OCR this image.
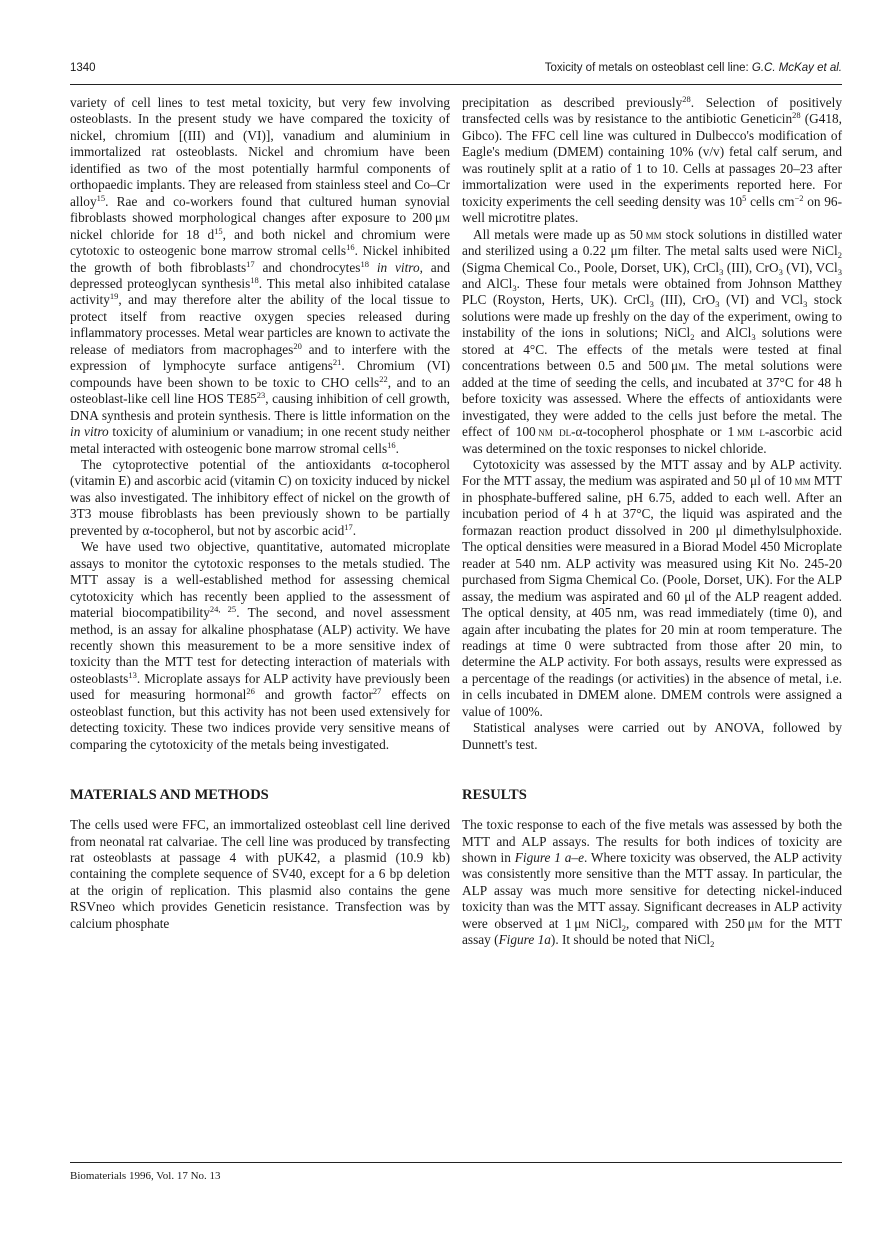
1340	Toxicity of metals on osteoblast cell line: G.C. McKay et al.

variety of cell lines to test metal toxicity, but very few involving osteoblasts. In the present study we have compared the toxicity of nickel, chromium [(III) and (VI)], vanadium and aluminium in immortalized rat osteoblasts. Nickel and chromium have been identified as two of the most potentially harmful components of orthopaedic implants. They are released from stainless steel and Co–Cr alloy$^{15}$. Rae and co-workers found that cultured human synovial fibroblasts showed morphological changes after exposure to 200 μm nickel chloride for 18 $d^{15}$, and both nickel and chromium were cytotoxic to osteogenic bone marrow stromal cells$^{16}$. Nickel inhibited the growth of both fibroblasts$^{17}$ and chondrocytes$^{18}$ in vitro, and depressed proteoglycan synthesis$^{18}$. This metal also inhibited catalase activity$^{19}$, and may therefore alter the ability of the local tissue to protect itself from reactive oxygen species released during inflammatory processes. Metal wear particles are known to activate the release of mediators from macrophages$^{20}$ and to interfere with the expression of lymphocyte surface antigens$^{21}$. Chromium (VI) compounds have been shown to be toxic to CHO cells$^{22}$, and to an osteoblast-like cell line HOS $TE85^{23}$, causing inhibition of cell growth, DNA synthesis and protein synthesis. There is little information on the in vitro toxicity of aluminium or vanadium; in one recent study neither metal interacted with osteogenic bone marrow stromal cells$^{16}$.

The cytoprotective potential of the antioxidants α-tocopherol (vitamin E) and ascorbic acid (vitamin C) on toxicity induced by nickel was also investigated. The inhibitory effect of nickel on the growth of 3T3 mouse fibroblasts has been previously shown to be partially prevented by α-tocopherol, but not by ascorbic acid$^{17}$.

We have used two objective, quantitative, automated microplate assays to monitor the cytotoxic responses to the metals studied. The MTT assay is a well-established method for assessing chemical cytotoxicity which has recently been applied to the assessment of material biocompatibility$^{24, 25}$. The second, and novel assessment method, is an assay for alkaline phosphatase (ALP) activity. We have recently shown this measurement to be a more sensitive index of toxicity than the MTT test for detecting interaction of materials with osteoblasts$^{13}$. Microplate assays for ALP activity have previously been used for measuring hormonal$^{26}$ and growth factor$^{27}$ effects on osteoblast function, but this activity has not been used extensively for detecting toxicity. These two indices provide very sensitive means of comparing the cytotoxicity of the metals being investigated.

MATERIALS AND METHODS

The cells used were FFC, an immortalized osteoblast cell line derived from neonatal rat calvariae. The cell line was produced by transfecting rat osteoblasts at passage 4 with pUK42, a plasmid (10.9 kb) containing the complete sequence of SV40, except for a 6 bp deletion at the origin of replication. This plasmid also contains the gene RSVneo which provides Geneticin resistance. Transfection was by calcium phosphate

precipitation as described previously$^{28}$. Selection of positively transfected cells was by resistance to the antibiotic Geneticin$^{28}$ (G418, Gibco). The FFC cell line was cultured in Dulbecco's modification of Eagle's medium (DMEM) containing 10% (v/v) fetal calf serum, and was routinely split at a ratio of 1 to 10. Cells at passages 20–23 after immortalization were used in the experiments reported here. For toxicity experiments the cell seeding density was $10^5$ cells $cm^{-2}$ on 96-well microtitre plates.

All metals were made up as 50 mm stock solutions in distilled water and sterilized using a 0.22 μm filter. The metal salts used were NiCl$_2$ (Sigma Chemical Co., Poole, Dorset, UK), CrCl$_3$ (III), CrO$_3$ (VI), VCl$_3$ and AlCl$_3$. These four metals were obtained from Johnson Matthey PLC (Royston, Herts, UK). CrCl$_3$ (III), CrO$_3$ (VI) and VCl$_3$ stock solutions were made up freshly on the day of the experiment, owing to instability of the ions in solutions; NiCl$_2$ and AlCl$_3$ solutions were stored at 4°C. The effects of the metals were tested at final concentrations between 0.5 and 500 μm. The metal solutions were added at the time of seeding the cells, and incubated at 37°C for 48 h before toxicity was assessed. Where the effects of antioxidants were investigated, they were added to the cells just before the metal. The effect of 100 nm dl-α-tocopherol phosphate or 1 mm l-ascorbic acid was determined on the toxic responses to nickel chloride.

Cytotoxicity was assessed by the MTT assay and by ALP activity. For the MTT assay, the medium was aspirated and 50 μl of 10 mm MTT in phosphate-buffered saline, pH 6.75, added to each well. After an incubation period of 4 h at 37°C, the liquid was aspirated and the formazan reaction product dissolved in 200 μl dimethylsulphoxide. The optical densities were measured in a Biorad Model 450 Microplate reader at 540 nm. ALP activity was measured using Kit No. 245-20 purchased from Sigma Chemical Co. (Poole, Dorset, UK). For the ALP assay, the medium was aspirated and 60 μl of the ALP reagent added. The optical density, at 405 nm, was read immediately (time 0), and again after incubating the plates for 20 min at room temperature. The readings at time 0 were subtracted from those after 20 min, to determine the ALP activity. For both assays, results were expressed as a percentage of the readings (or activities) in the absence of metal, i.e. in cells incubated in DMEM alone. DMEM controls were assigned a value of 100%.

Statistical analyses were carried out by ANOVA, followed by Dunnett's test.

RESULTS

The toxic response to each of the five metals was assessed by both the MTT and ALP assays. The results for both indices of toxicity are shown in Figure 1 a–e. Where toxicity was observed, the ALP activity was consistently more sensitive than the MTT assay. In particular, the ALP assay was much more sensitive for detecting nickel-induced toxicity than was the MTT assay. Significant decreases in ALP activity were observed at 1 μm NiCl$_2$, compared with 250 μm for the MTT assay (Figure 1a). It should be noted that NiCl$_2$

Biomaterials 1996, Vol. 17 No. 13
